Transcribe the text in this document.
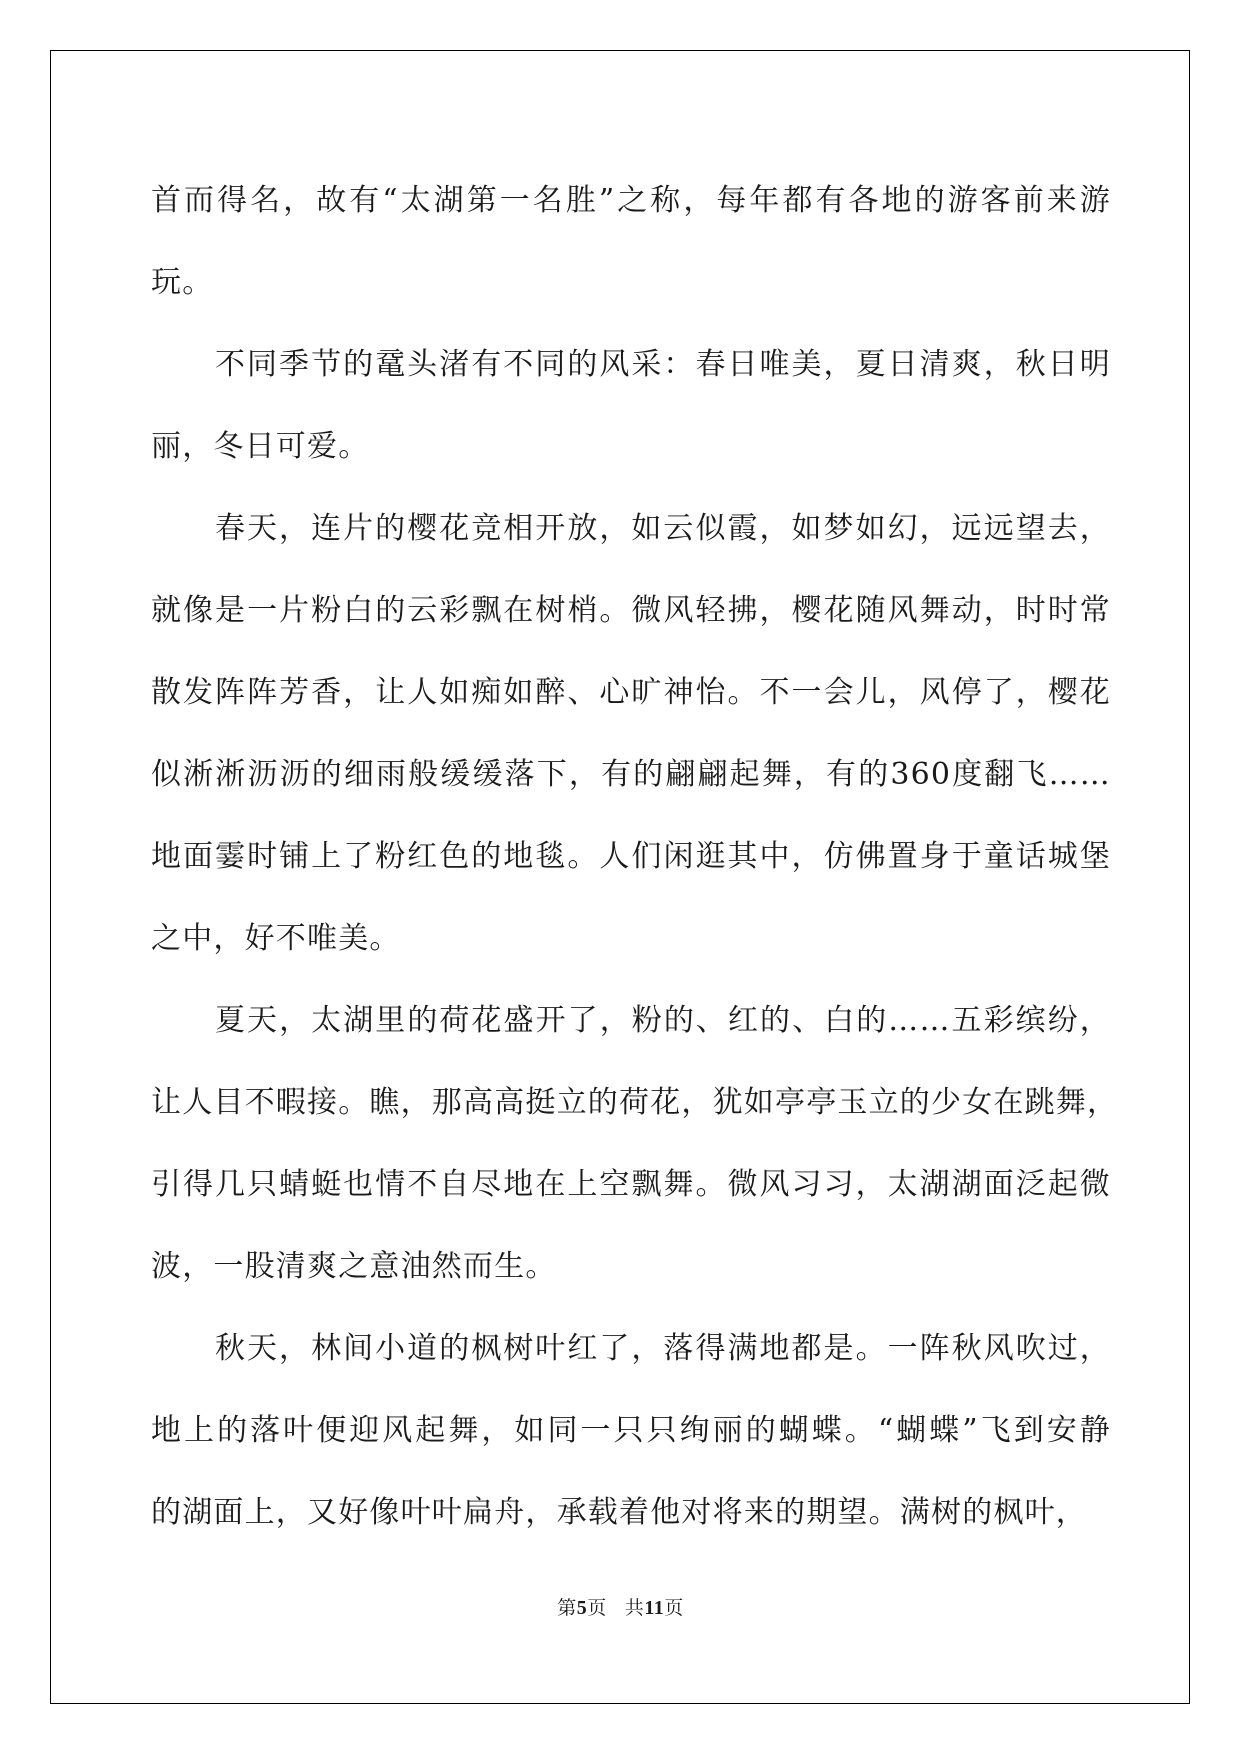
首而得名，故有“太湖第一名胜”之称，每年都有各地的游客前来游
玩。
不同季节的鼋头渚有不同的风采：春日唯美，夏日清爽，秋日明
丽，冬日可爱。
春天，连片的樱花竞相开放，如云似霞，如梦如幻，远远望去，
就像是一片粉白的云彩飘在树梢。微风轻拂，樱花随风舞动，时时常
散发阵阵芳香，让人如痴如醉、心旷神怡。不一会儿，风停了，樱花
似淅淅沥沥的细雨般缓缓落下，有的翩翩起舞，有的360度翻飞……
地面霎时铺上了粉红色的地毯。人们闲逛其中，仿佛置身于童话城堡
之中，好不唯美。
夏天，太湖里的荷花盛开了，粉的、红的、白的……五彩缤纷，
让人目不暇接。瞧，那高高挺立的荷花，犹如亭亭玉立的少女在跳舞，
引得几只蜻蜓也情不自尽地在上空飘舞。微风习习，太湖湖面泛起微
波，一股清爽之意油然而生。
秋天，林间小道的枫树叶红了，落得满地都是。一阵秋风吹过，
地上的落叶便迎风起舞，如同一只只绚丽的蝴蝶。“蝴蝶”飞到安静
的湖面上，又好像叶叶扁舟，承载着他对将来的期望。满树的枫叶，
第5页 共11页
